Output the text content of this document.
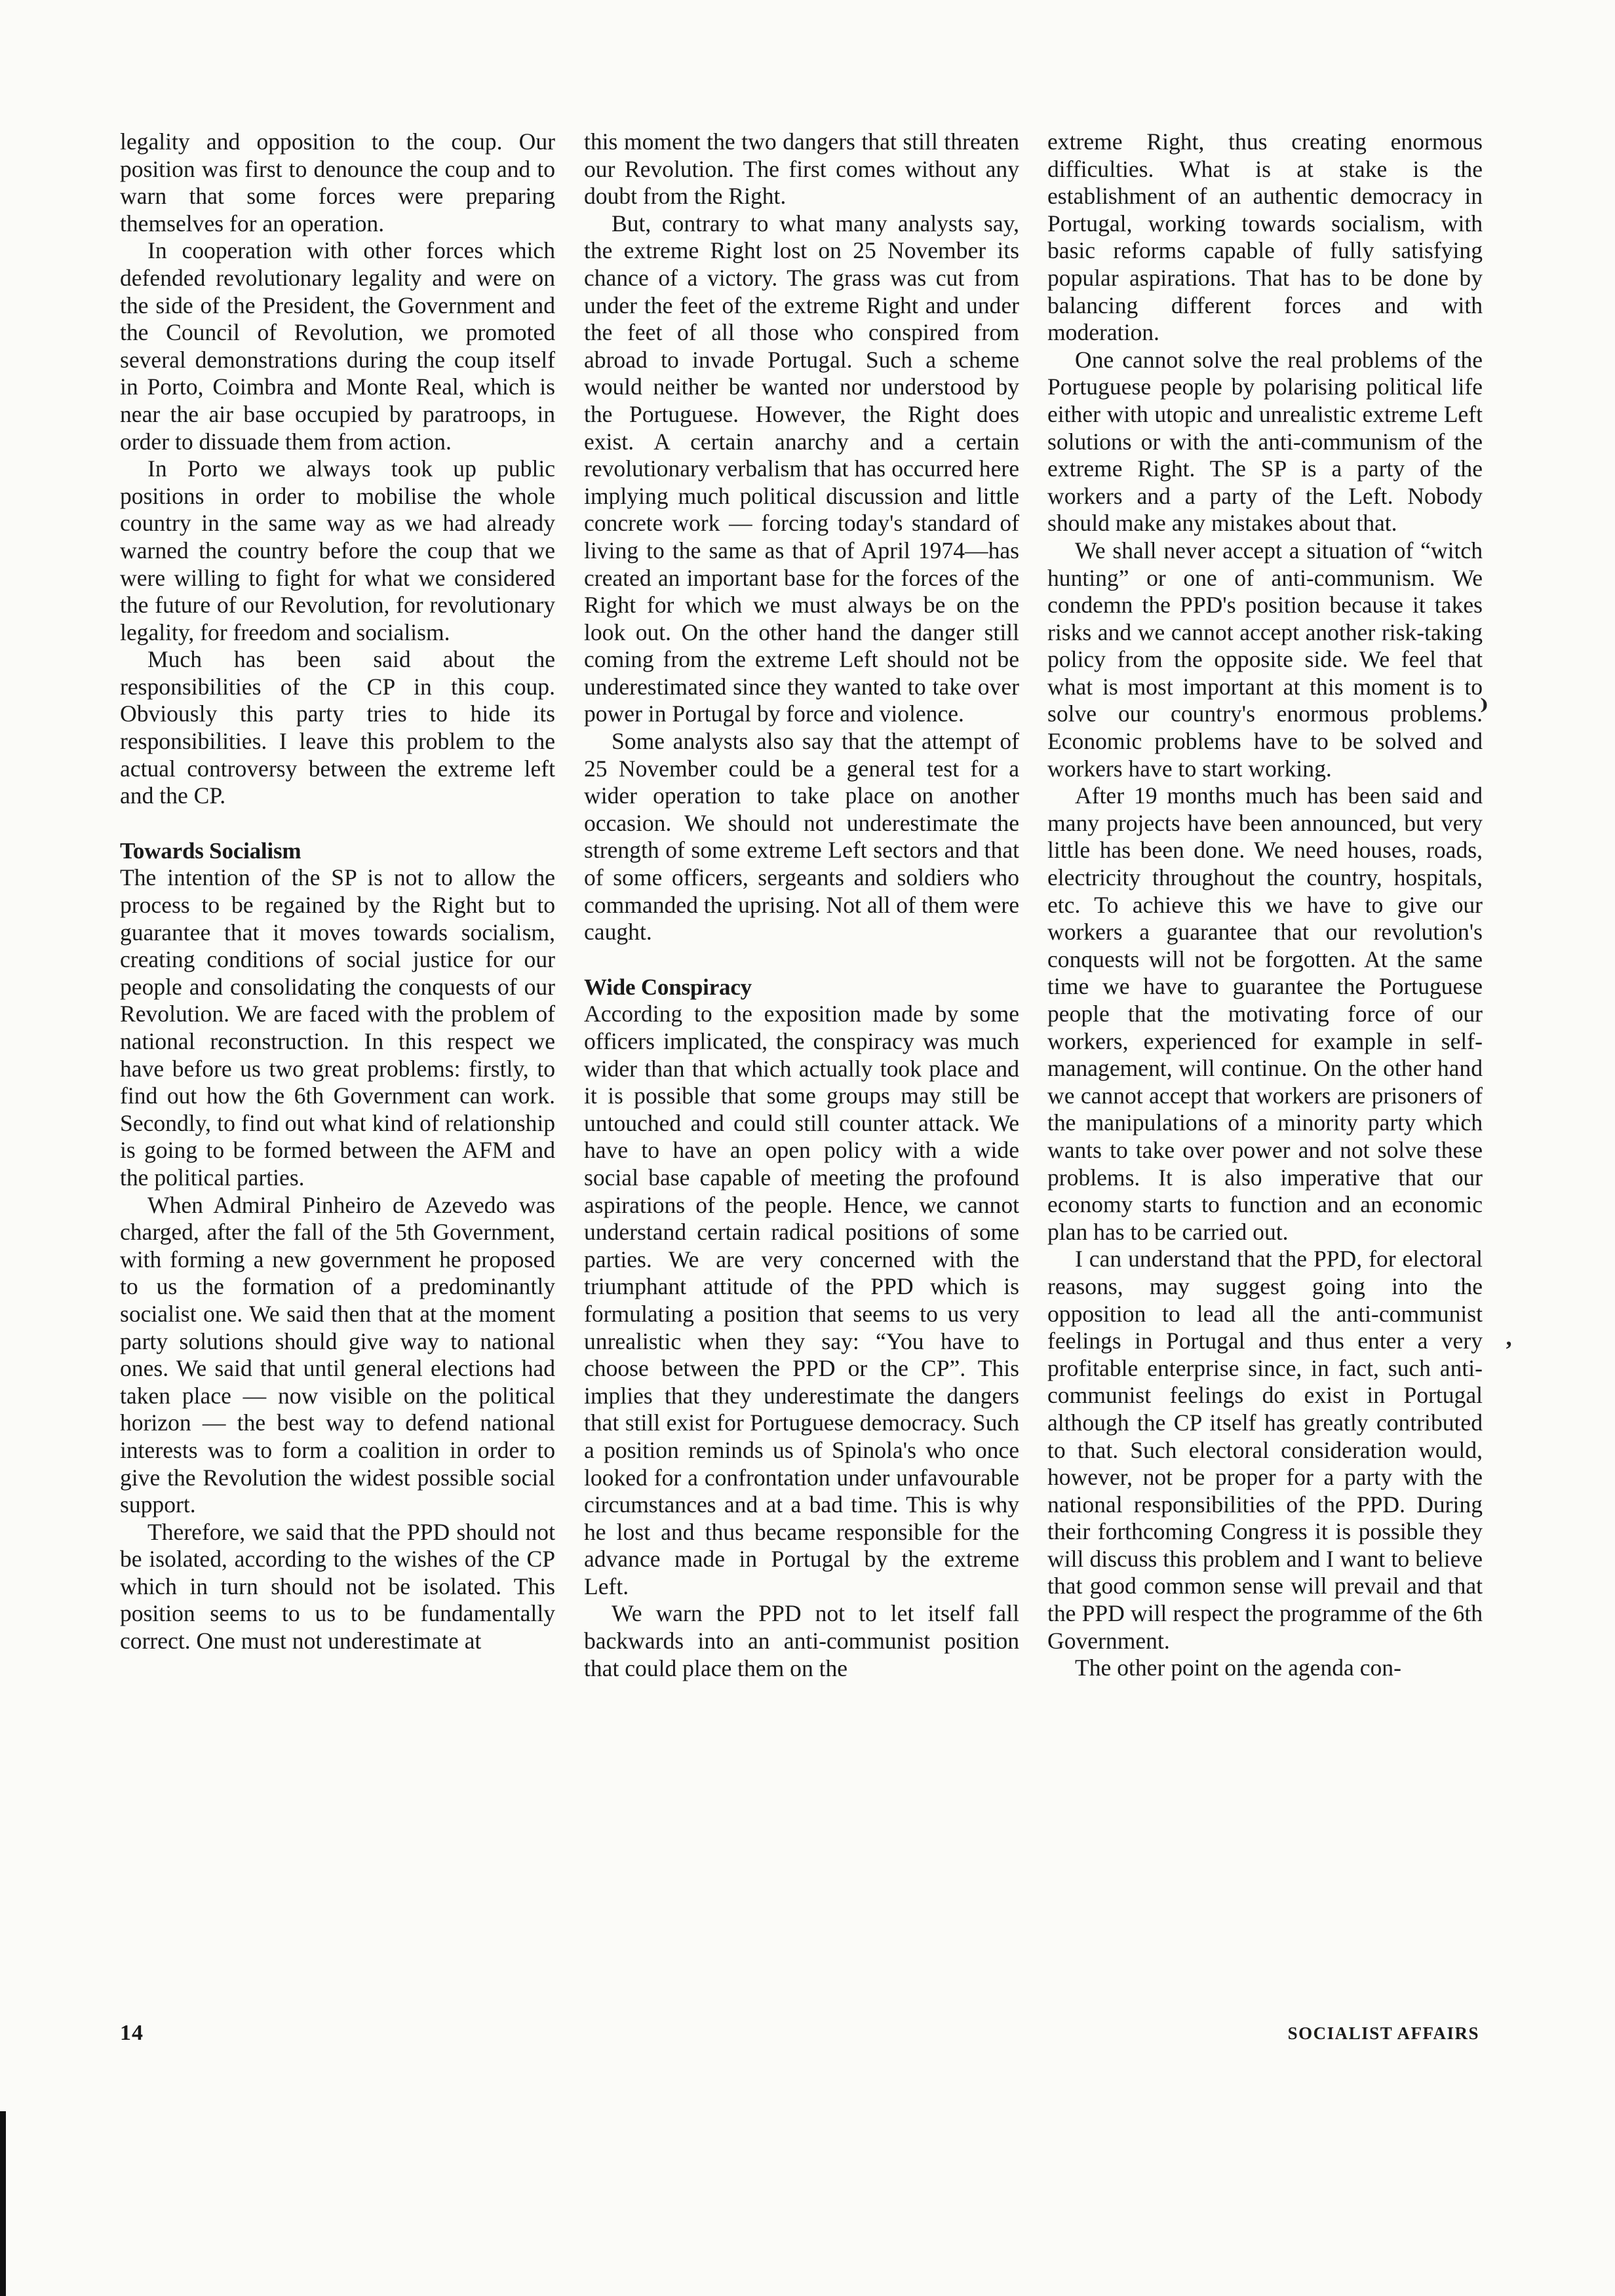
legality and opposition to the coup. Our position was first to denounce the coup and to warn that some forces were preparing themselves for an operation.

In cooperation with other forces which defended revolutionary legality and were on the side of the President, the Government and the Council of Revolution, we promoted several demonstrations during the coup itself in Porto, Coimbra and Monte Real, which is near the air base occupied by paratroops, in order to dissuade them from action.

In Porto we always took up public positions in order to mobilise the whole country in the same way as we had already warned the country before the coup that we were willing to fight for what we considered the future of our Revolution, for revolutionary legality, for freedom and socialism.

Much has been said about the responsibilities of the CP in this coup. Obviously this party tries to hide its responsibilities. I leave this problem to the actual controversy between the extreme left and the CP.

Towards Socialism

The intention of the SP is not to allow the process to be regained by the Right but to guarantee that it moves towards socialism, creating conditions of social justice for our people and consolidating the conquests of our Revolution. We are faced with the problem of national reconstruction. In this respect we have before us two great problems: firstly, to find out how the 6th Government can work. Secondly, to find out what kind of relationship is going to be formed between the AFM and the political parties.

When Admiral Pinheiro de Azevedo was charged, after the fall of the 5th Government, with forming a new government he proposed to us the formation of a predominantly socialist one. We said then that at the moment party solutions should give way to national ones. We said that until general elections had taken place — now visible on the political horizon — the best way to defend national interests was to form a coalition in order to give the Revolution the widest possible social support.

Therefore, we said that the PPD should not be isolated, according to the wishes of the CP which in turn should not be isolated. This position seems to us to be fundamentally correct. One must not underestimate at

this moment the two dangers that still threaten our Revolution. The first comes without any doubt from the Right.

But, contrary to what many analysts say, the extreme Right lost on 25 November its chance of a victory. The grass was cut from under the feet of the extreme Right and under the feet of all those who conspired from abroad to invade Portugal. Such a scheme would neither be wanted nor understood by the Portuguese. However, the Right does exist. A certain anarchy and a certain revolutionary verbalism that has occurred here implying much political discussion and little concrete work — forcing today's standard of living to the same as that of April 1974—has created an important base for the forces of the Right for which we must always be on the look out. On the other hand the danger still coming from the extreme Left should not be underestimated since they wanted to take over power in Portugal by force and violence.

Some analysts also say that the attempt of 25 November could be a general test for a wider operation to take place on another occasion. We should not underestimate the strength of some extreme Left sectors and that of some officers, sergeants and soldiers who commanded the uprising. Not all of them were caught.

Wide Conspiracy

According to the exposition made by some officers implicated, the conspiracy was much wider than that which actually took place and it is possible that some groups may still be untouched and could still counter attack. We have to have an open policy with a wide social base capable of meeting the profound aspirations of the people. Hence, we cannot understand certain radical positions of some parties. We are very concerned with the triumphant attitude of the PPD which is formulating a position that seems to us very unrealistic when they say: “You have to choose between the PPD or the CP”. This implies that they underestimate the dangers that still exist for Portuguese democracy. Such a position reminds us of Spinola's who once looked for a confrontation under unfavourable circumstances and at a bad time. This is why he lost and thus became responsible for the advance made in Portugal by the extreme Left.

We warn the PPD not to let itself fall backwards into an anti-communist position that could place them on the

extreme Right, thus creating enormous difficulties. What is at stake is the establishment of an authentic democracy in Portugal, working towards socialism, with basic reforms capable of fully satisfying popular aspirations. That has to be done by balancing different forces and with moderation.

One cannot solve the real problems of the Portuguese people by polarising political life either with utopic and unrealistic extreme Left solutions or with the anti-communism of the extreme Right. The SP is a party of the workers and a party of the Left. Nobody should make any mistakes about that.

We shall never accept a situation of “witch hunting” or one of anti-communism. We condemn the PPD's position because it takes risks and we cannot accept another risk-taking policy from the opposite side. We feel that what is most important at this moment is to solve our country's enormous problems. Economic problems have to be solved and workers have to start working.

After 19 months much has been said and many projects have been announced, but very little has been done. We need houses, roads, electricity throughout the country, hospitals, etc. To achieve this we have to give our workers a guarantee that our revolution's conquests will not be forgotten. At the same time we have to guarantee the Portuguese people that the motivating force of our workers, experienced for example in self-management, will continue. On the other hand we cannot accept that workers are prisoners of the manipulations of a minority party which wants to take over power and not solve these problems. It is also imperative that our economy starts to function and an economic plan has to be carried out.

I can understand that the PPD, for electoral reasons, may suggest going into the opposition to lead all the anti-communist feelings in Portugal and thus enter a very profitable enterprise since, in fact, such anti-communist feelings do exist in Portugal although the CP itself has greatly contributed to that. Such electoral consideration would, however, not be proper for a party with the national responsibilities of the PPD. During their forthcoming Congress it is possible they will discuss this problem and I want to believe that good common sense will prevail and that the PPD will respect the programme of the 6th Government.

The other point on the agenda con-

14	SOCIALIST AFFAIRS
⁾
‚
